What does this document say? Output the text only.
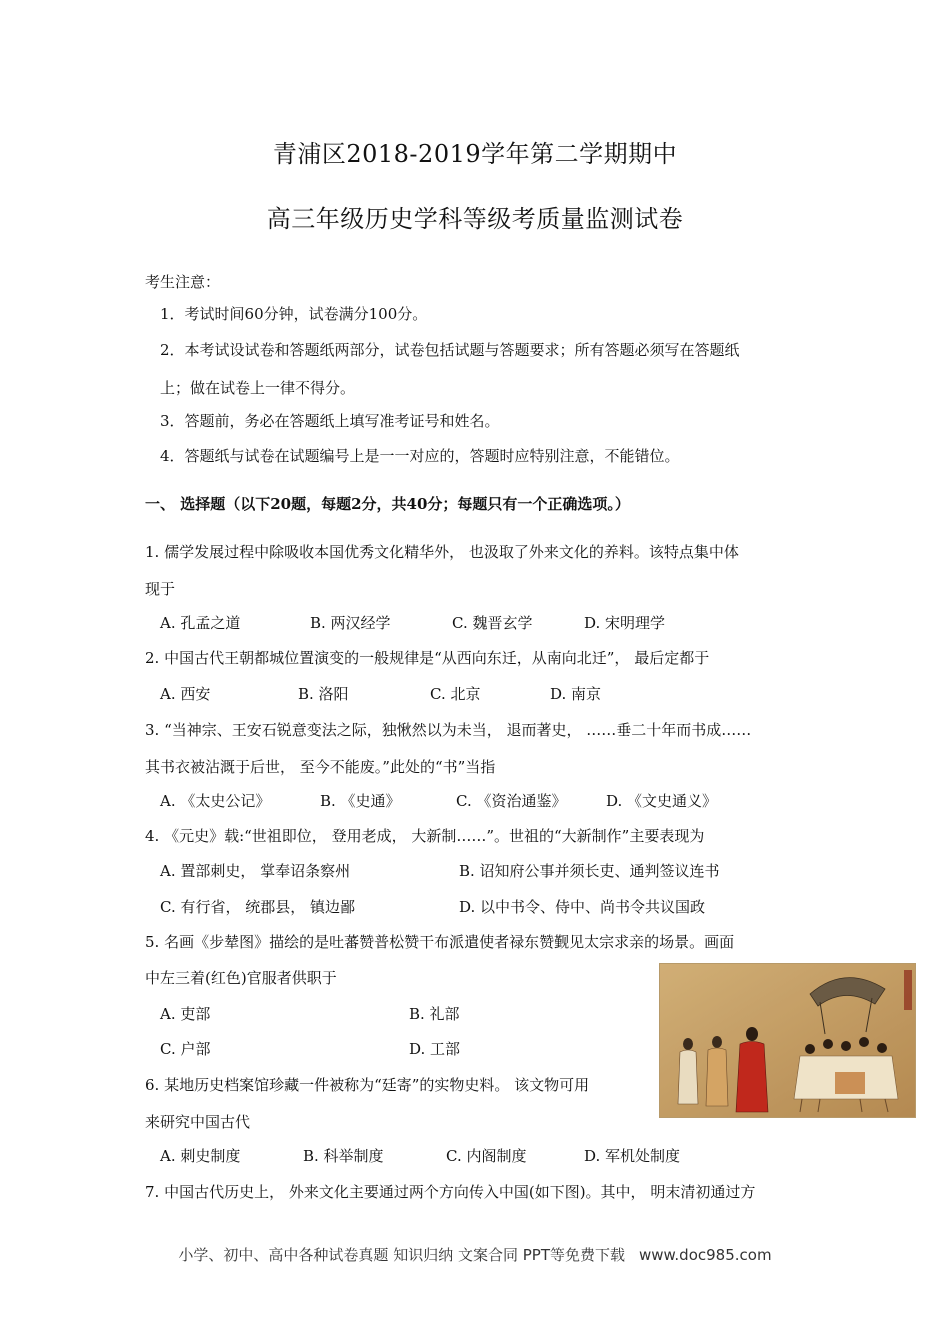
青浦区2018-2019学年第二学期期中
高三年级历史学科等级考质量监测试卷
考生注意：
1．考试时间60分钟，试卷满分100分。
2．本考试设试卷和答题纸两部分，试卷包括试题与答题要求；所有答题必须写在答题纸
上；做在试卷上一律不得分。
3．答题前，务必在答题纸上填写准考证号和姓名。
4．答题纸与试卷在试题编号上是一一对应的，答题时应特别注意，不能错位。
一、 选择题（以下20题，每题2分，共40分；每题只有一个正确选项。）
1. 儒学发展过程中除吸收本国优秀文化精华外， 也汲取了外来文化的养料。该特点集中体
现于
A. 孔孟之道	B. 两汉经学	C. 魏晋玄学	D. 宋明理学
2. 中国古代王朝都城位置演变的一般规律是“从西向东迁，从南向北迁”， 最后定都于
A. 西安	B. 洛阳	C. 北京	D. 南京
3. “当神宗、王安石锐意变法之际，独愀然以为未当， 退而著史， ……垂二十年而书成……
其书衣被沾溉于后世， 至今不能废。”此处的“书”当指
A. 《太史公记》	B. 《史通》	C. 《资治通鉴》	D. 《文史通义》
4. 《元史》载:“世祖即位， 登用老成， 大新制……”。世祖的“大新制作”主要表现为
A. 置部刺史， 掌奉诏条察州	B. 诏知府公事并须长吏、通判签议连书
C. 有行省， 统郡县， 镇边鄙	D. 以中书令、侍中、尚书令共议国政
5. 名画《步辇图》描绘的是吐蕃赞普松赞干布派遣使者禄东赞觐见太宗求亲的场景。画面
中左三着(红色)官服者供职于
A. 吏部	B. 礼部
C. 户部	D. 工部
6. 某地历史档案馆珍藏一件被称为“廷寄”的实物史料。 该文物可用
来研究中国古代
A. 刺史制度	B. 科举制度	C. 内阁制度	D. 军机处制度
7. 中国古代历史上， 外来文化主要通过两个方向传入中国(如下图)。其中， 明末清初通过方
小学、初中、高中各种试卷真题 知识归纳 文案合同 PPT等免费下载 www.doc985.com
